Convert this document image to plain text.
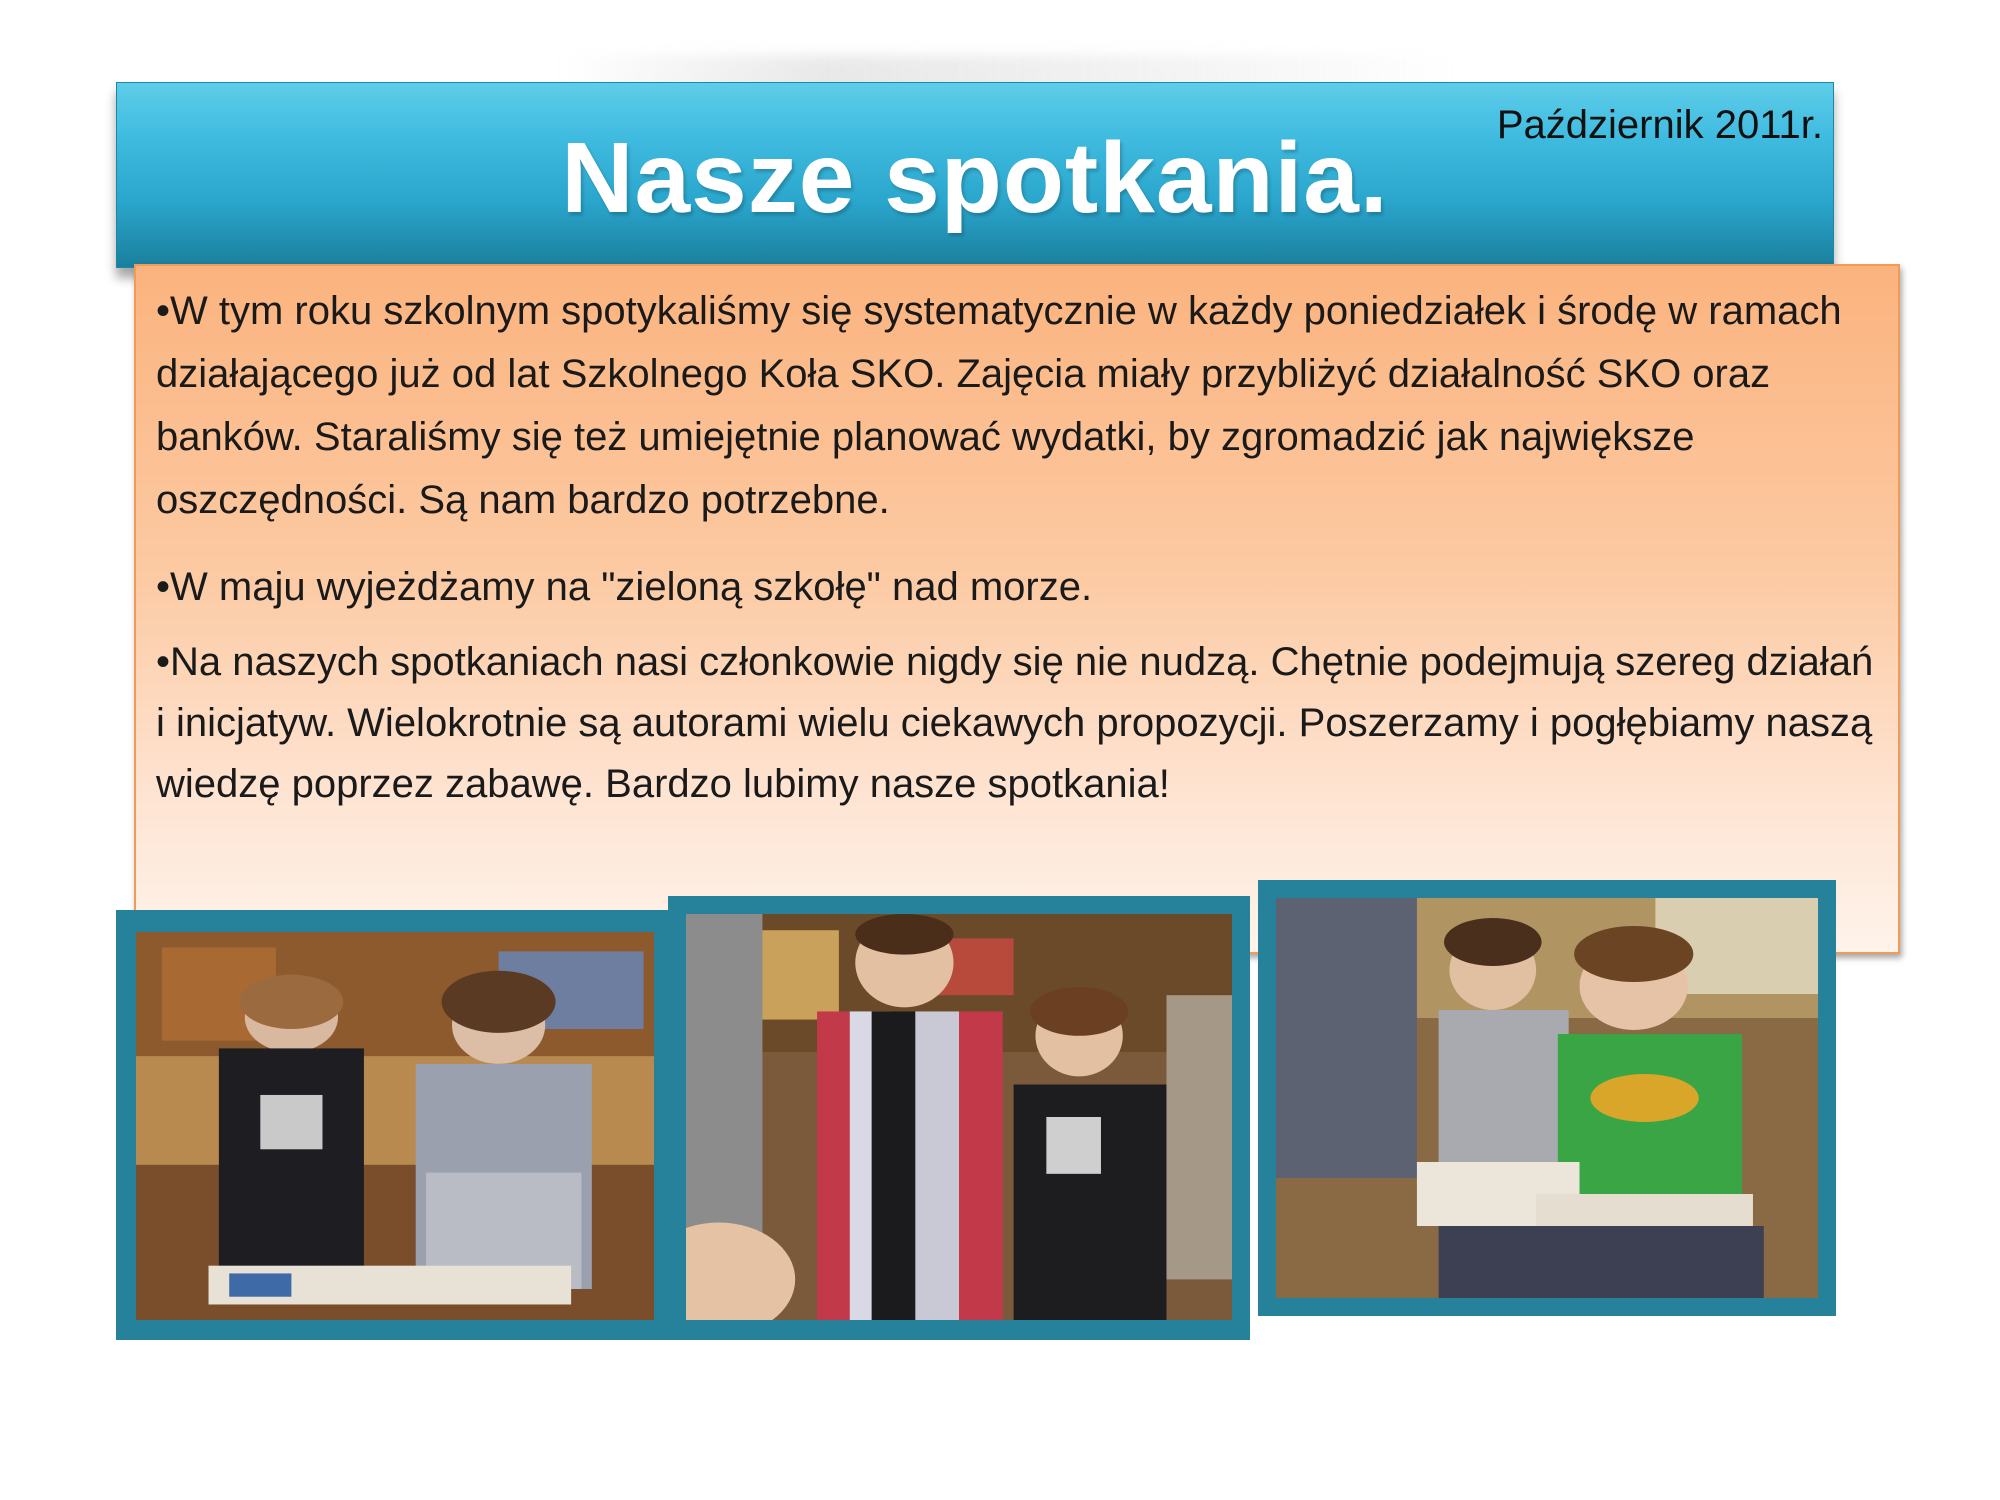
Nasze spotkania.	Październik 2011r.

•W tym roku szkolnym spotykaliśmy się systematycznie w każdy poniedziałek i środę w ramach działającego już od lat Szkolnego Koła SKO. Zajęcia miały przybliżyć działalność SKO oraz banków. Staraliśmy się też umiejętnie planować wydatki, by zgromadzić jak największe oszczędności. Są nam bardzo potrzebne.

•W maju wyjeżdżamy na "zieloną szkołę" nad morze.

•Na naszych spotkaniach nasi członkowie nigdy się nie nudzą. Chętnie podejmują szereg działań i inicjatyw. Wielokrotnie są autorami wielu ciekawych propozycji. Poszerzamy i pogłębiamy naszą wiedzę poprzez zabawę. Bardzo lubimy nasze spotkania!
